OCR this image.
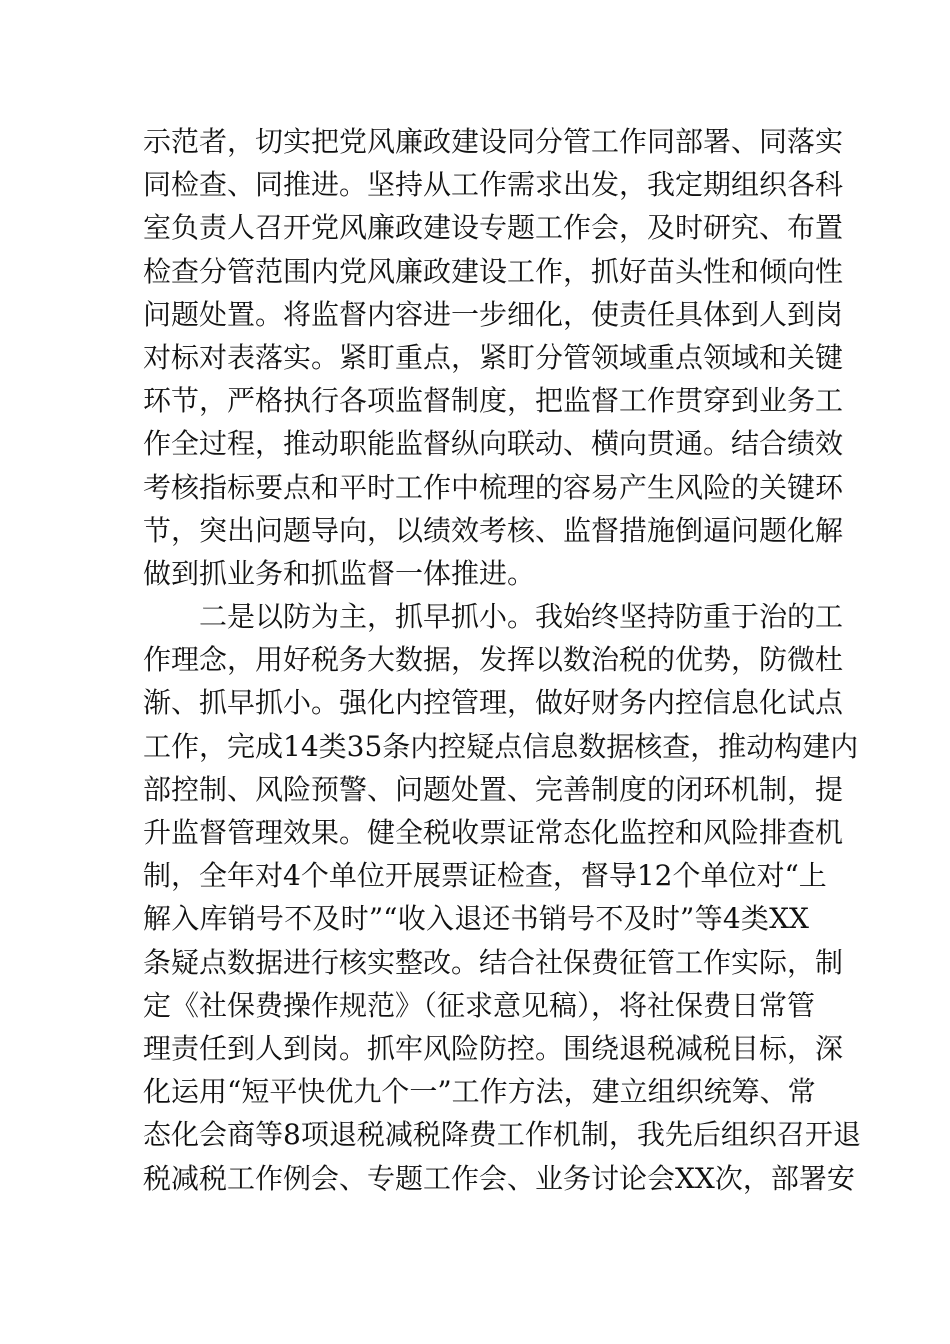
示范者，切实把党风廉政建设同分管工作同部署、同落实
同检查、同推进。坚持从工作需求出发，我定期组织各科
室负责人召开党风廉政建设专题工作会，及时研究、布置
检查分管范围内党风廉政建设工作，抓好苗头性和倾向性
问题处置。将监督内容进一步细化，使责任具体到人到岗
对标对表落实。紧盯重点，紧盯分管领域重点领域和关键
环节，严格执行各项监督制度，把监督工作贯穿到业务工
作全过程，推动职能监督纵向联动、横向贯通。结合绩效
考核指标要点和平时工作中梳理的容易产生风险的关键环
节，突出问题导向，以绩效考核、监督措施倒逼问题化解
做到抓业务和抓监督一体推进。
二是以防为主，抓早抓小。我始终坚持防重于治的工
作理念，用好税务大数据，发挥以数治税的优势，防微杜
渐、抓早抓小。强化内控管理，做好财务内控信息化试点
工作，完成14类35条内控疑点信息数据核查，推动构建内
部控制、风险预警、问题处置、完善制度的闭环机制，提
升监督管理效果。健全税收票证常态化监控和风险排查机
制，全年对4个单位开展票证检查，督导12个单位对“上
解入库销号不及时”“收入退还书销号不及时”等4类XX
条疑点数据进行核实整改。结合社保费征管工作实际，制
定《社保费操作规范》（征求意见稿），将社保费日常管
理责任到人到岗。抓牢风险防控。围绕退税减税目标，深
化运用“短平快优九个一”工作方法，建立组织统筹、常
态化会商等8项退税减税降费工作机制，我先后组织召开退
税减税工作例会、专题工作会、业务讨论会XX次，部署安
